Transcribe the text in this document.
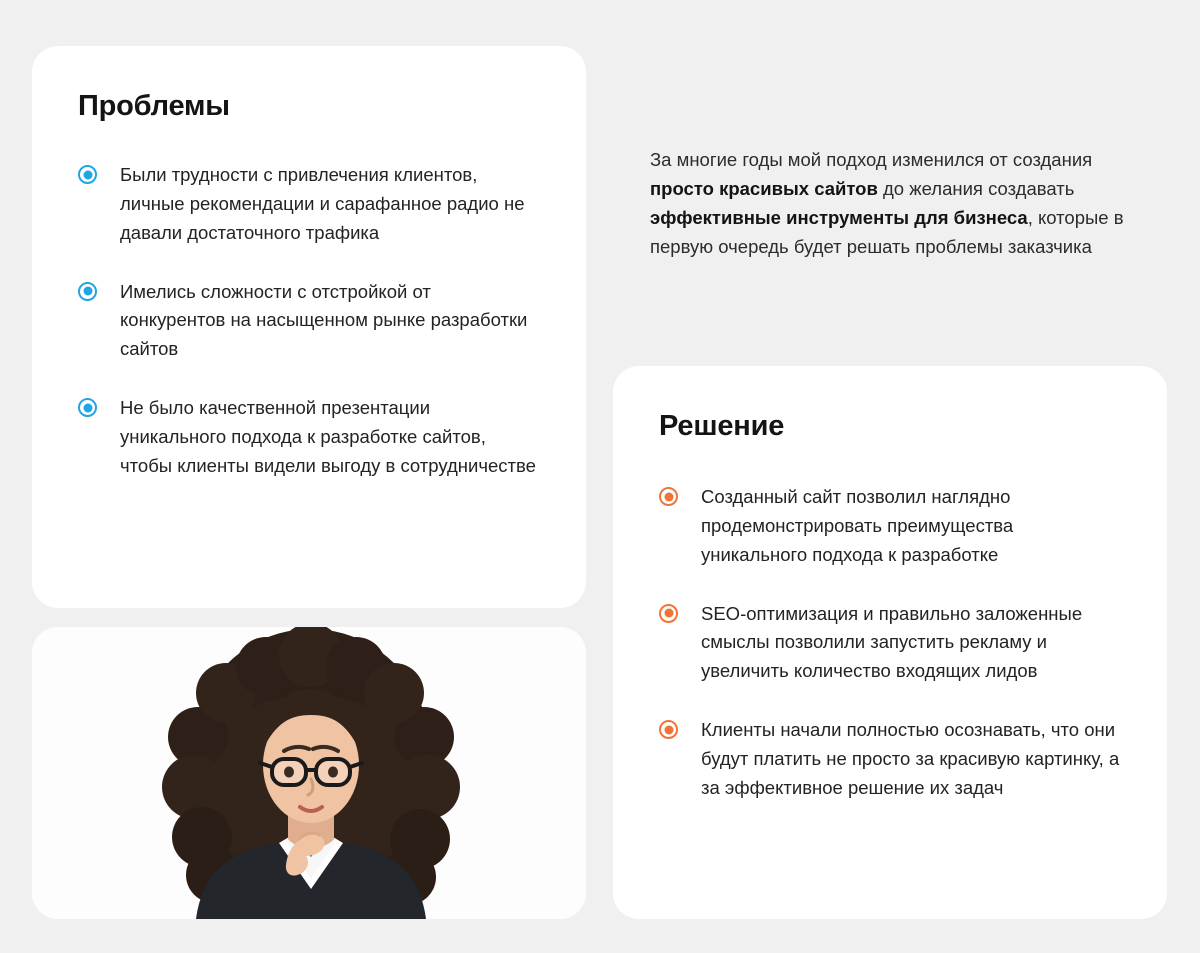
Проблемы
Были трудности с привлечения клиентов, личные рекомендации и сарафанное радио не давали достаточного трафика
Имелись сложности с отстройкой от конкурентов на насыщенном рынке разработки сайтов
Не было качественной презентации уникального подхода к разработке сайтов, чтобы клиенты видели выгоду в сотрудничестве

За многие годы мой подход изменился от создания просто красивых сайтов до желания создавать эффективные инструменты для бизнеса, которые в первую очередь будет решать проблемы заказчика

Решение
Созданный сайт позволил наглядно продемонстрировать преимущества уникального подхода к разработке
SEO-оптимизация и правильно заложенные смыслы позволили запустить рекламу и увеличить количество входящих лидов
Клиенты начали полностью осознавать, что они будут платить не просто за красивую картинку, а за эффективное решение их задач
